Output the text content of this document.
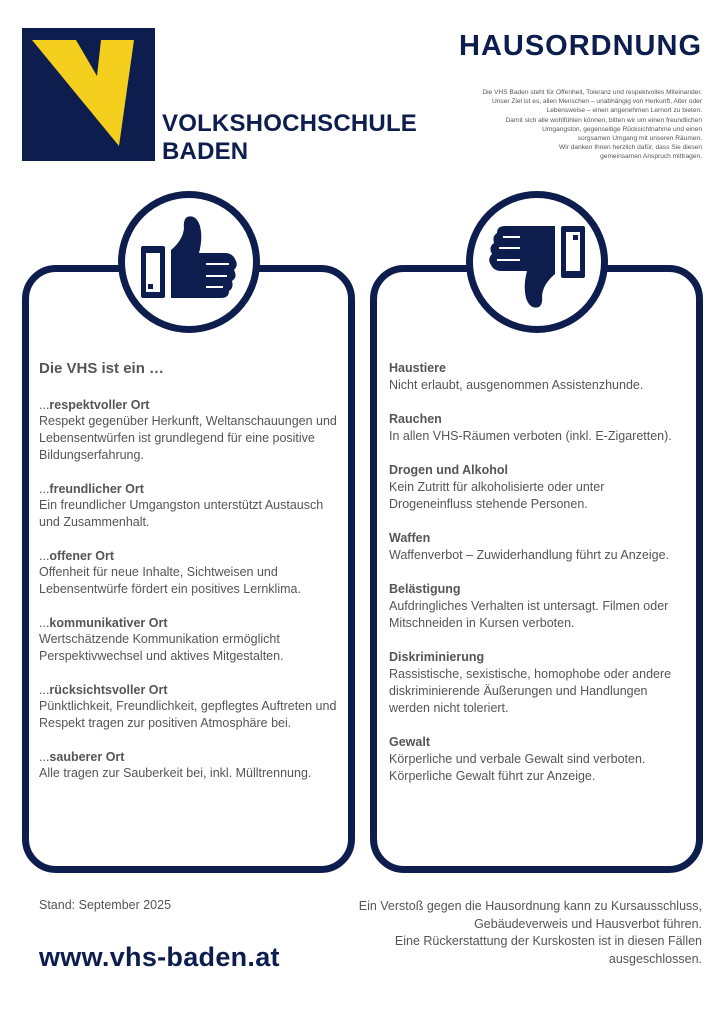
VOLKSHOCHSCHULE
BADEN
HAUSORDNUNG

Die VHS Baden steht für Offenheit, Toleranz und respektvolles Miteinander.

Unser Ziel ist es, allen Menschen – unabhängig von Herkunft, Alter oder

Lebensweise – einen angenehmen Lernort zu bieten.

Damit sich alle wohlfühlen können, bitten wir um einen freundlichen

Umgangston, gegenseitige Rücksichtnahme und einen

sorgsamen Umgang mit unseren Räumen.

Wir danken Ihnen herzlich dafür, dass Sie diesen

gemeinsamen Anspruch mittragen.

Die VHS ist ein …
...respektvoller Ort
Respekt gegenüber Herkunft, Weltanschauungen und Lebensentwürfen ist grundlegend für eine positive Bildungserfahrung.
...freundlicher Ort
Ein freundlicher Umgangston unterstützt Austausch und Zusammenhalt.
...offener Ort
Offenheit für neue Inhalte, Sichtweisen und Lebensentwürfe fördert ein positives Lernklima.
...kommunikativer Ort
Wertschätzende Kommunikation ermöglicht Perspektivwechsel und aktives Mitgestalten.
...rücksichtsvoller Ort
Pünktlichkeit, Freundlichkeit, gepflegtes Auftreten und Respekt tragen zur positiven Atmosphäre bei.
...sauberer Ort
Alle tragen zur Sauberkeit bei, inkl. Mülltrennung.
Haustiere
Nicht erlaubt, ausgenommen Assistenzhunde.
Rauchen
In allen VHS-Räumen verboten (inkl. E-Zigaretten).
Drogen und Alkohol
Kein Zutritt für alkoholisierte oder unter Drogeneinfluss stehende Personen.
Waffen
Waffenverbot – Zuwiderhandlung führt zu Anzeige.
Belästigung
Aufdringliches Verhalten ist untersagt. Filmen oder Mitschneiden in Kursen verboten.
Diskriminierung
Rassistische, sexistische, homophobe oder andere diskriminierende Äußerungen und Handlungen werden nicht toleriert.
Gewalt
Körperliche und verbale Gewalt sind verboten. Körperliche Gewalt führt zur Anzeige.
Stand: September 2025
www.vhs-baden.at

Ein Verstoß gegen die Hausordnung kann zu Kursausschluss,

Gebäudeverweis und Hausverbot führen.

Eine Rückerstattung der Kurskosten ist in diesen Fällen

ausgeschlossen.
